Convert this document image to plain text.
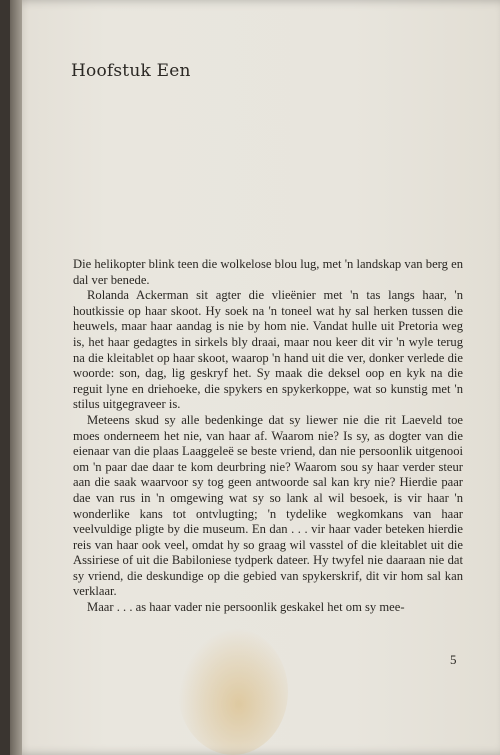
Hoofstuk Een

Die helikopter blink teen die wolkelose blou lug, met 'n landskap van berg en dal ver benede.

Rolanda Ackerman sit agter die vlieënier met 'n tas langs haar, 'n houtkissie op haar skoot. Hy soek na 'n toneel wat hy sal herken tussen die heuwels, maar haar aandag is nie by hom nie. Vandat hulle uit Pretoria weg is, het haar gedagtes in sirkels bly draai, maar nou keer dit vir 'n wyle terug na die kleitablet op haar skoot, waarop 'n hand uit die ver, donker verlede die woorde: son, dag, lig geskryf het. Sy maak die deksel oop en kyk na die reguit lyne en driehoeke, die spykers en spykerkoppe, wat so kunstig met 'n stilus uitgegraveer is.

Meteens skud sy alle bedenkinge dat sy liewer nie die rit Laeveld toe moes onderneem het nie, van haar af. Waarom nie? Is sy, as dogter van die eienaar van die plaas Laaggeleë se beste vriend, dan nie persoonlik uitgenooi om 'n paar dae daar te kom deurbring nie? Waarom sou sy haar verder steur aan die saak waarvoor sy tog geen antwoorde sal kan kry nie? Hierdie paar dae van rus in 'n omgewing wat sy so lank al wil besoek, is vir haar 'n wonderlike kans tot ontvlugting; 'n tydelike wegkomkans van haar veelvuldige pligte by die museum. En dan . . . vir haar vader beteken hierdie reis van haar ook veel, omdat hy so graag wil vasstel of die kleitablet uit die Assiriese of uit die Babiloniese tydperk dateer. Hy twyfel nie daaraan nie dat sy vriend, die deskundige op die gebied van spykerskrif, dit vir hom sal kan verklaar.

Maar . . . as haar vader nie persoonlik geskakel het om sy mee-

5
